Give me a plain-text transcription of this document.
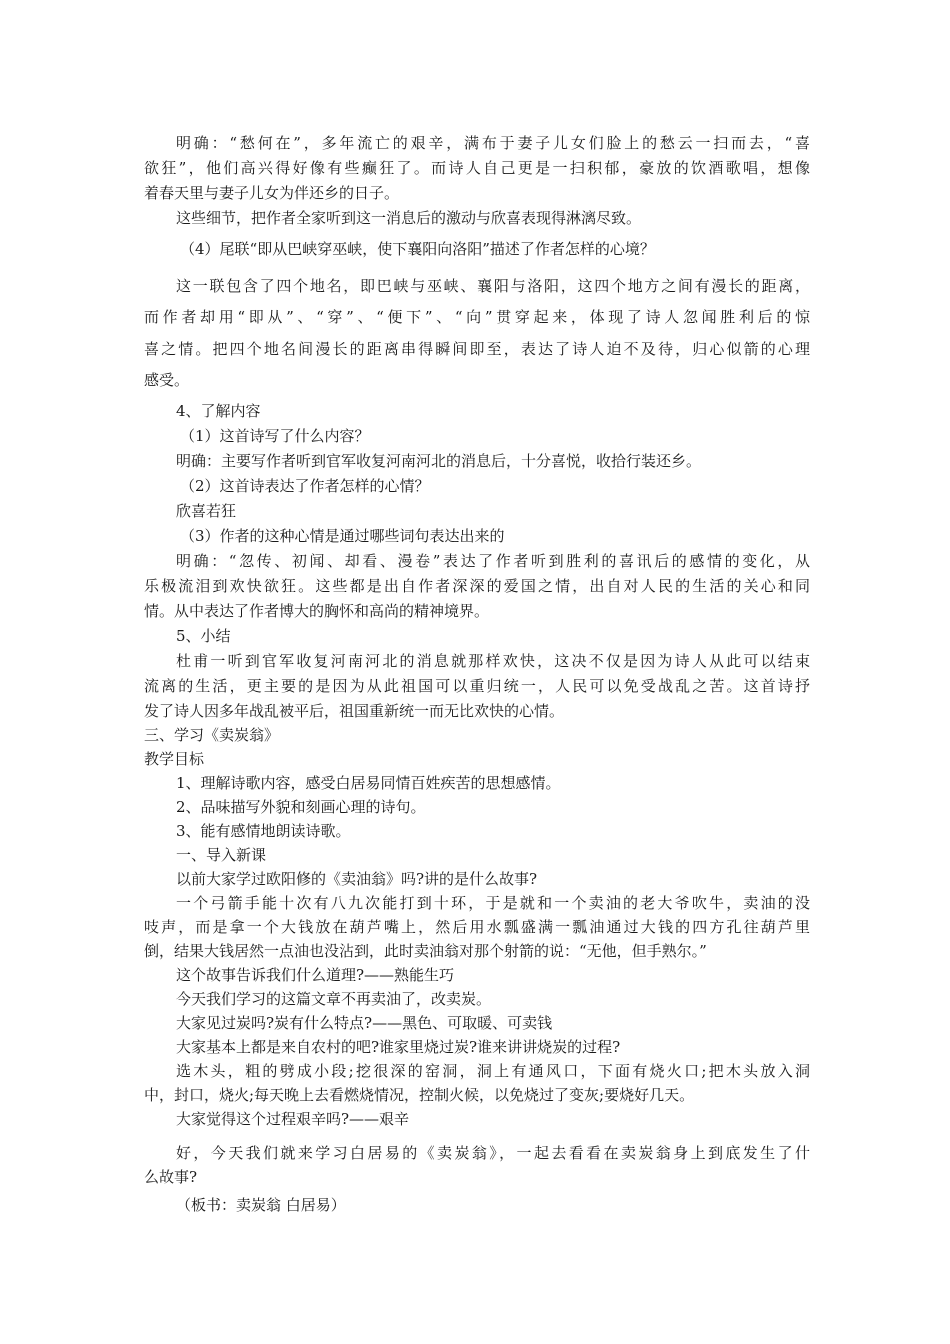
明确：“愁何在”，多年流亡的艰辛，满布于妻子儿女们脸上的愁云一扫而去，“喜
欲狂”，他们高兴得好像有些癫狂了。而诗人自己更是一扫积郁，豪放的饮酒歌唱，想像
着春天里与妻子儿女为伴还乡的日子。
这些细节，把作者全家听到这一消息后的激动与欣喜表现得淋漓尽致。
（4）尾联“即从巴峡穿巫峡，使下襄阳向洛阳”描述了作者怎样的心境？
这一联包含了四个地名，即巴峡与巫峡、襄阳与洛阳，这四个地方之间有漫长的距离，
而作者却用“即从”、“穿”、“便下”、“向”贯穿起来，体现了诗人忽闻胜利后的惊
喜之情。把四个地名间漫长的距离串得瞬间即至，表达了诗人迫不及待，归心似箭的心理
感受。
4、了解内容
（1）这首诗写了什么内容？
明确：主要写作者听到官军收复河南河北的消息后，十分喜悦，收拾行装还乡。
（2）这首诗表达了作者怎样的心情？
欣喜若狂
（3）作者的这种心情是通过哪些词句表达出来的
明确：“忽传、初闻、却看、漫卷”表达了作者听到胜利的喜讯后的感情的变化，从
乐极流泪到欢快欲狂。这些都是出自作者深深的爱国之情，出自对人民的生活的关心和同
情。从中表达了作者博大的胸怀和高尚的精神境界。
5、小结
杜甫一听到官军收复河南河北的消息就那样欢快，这决不仅是因为诗人从此可以结束
流离的生活，更主要的是因为从此祖国可以重归统一，人民可以免受战乱之苦。这首诗抒
发了诗人因多年战乱被平后，祖国重新统一而无比欢快的心情。
三、学习《卖炭翁》
教学目标
1、理解诗歌内容，感受白居易同情百姓疾苦的思想感情。
2、品味描写外貌和刻画心理的诗句。
3、能有感情地朗读诗歌。
一、导入新课
以前大家学过欧阳修的《卖油翁》吗?讲的是什么故事?
一个弓箭手能十次有八九次能打到十环，于是就和一个卖油的老大爷吹牛，卖油的没
吱声，而是拿一个大钱放在葫芦嘴上，然后用水瓢盛满一瓢油通过大钱的四方孔往葫芦里
倒，结果大钱居然一点油也没沾到，此时卖油翁对那个射箭的说：“无他，但手熟尔。”
这个故事告诉我们什么道理?——熟能生巧
今天我们学习的这篇文章不再卖油了，改卖炭。
大家见过炭吗?炭有什么特点?——黑色、可取暖、可卖钱
大家基本上都是来自农村的吧?谁家里烧过炭?谁来讲讲烧炭的过程?
选木头，粗的劈成小段;挖很深的窑洞，洞上有通风口，下面有烧火口;把木头放入洞
中，封口，烧火;每天晚上去看燃烧情况，控制火候，以免烧过了变灰;要烧好几天。
大家觉得这个过程艰辛吗?——艰辛
好，今天我们就来学习白居易的《卖炭翁》，一起去看看在卖炭翁身上到底发生了什
么故事?
（板书：卖炭翁 白居易）
